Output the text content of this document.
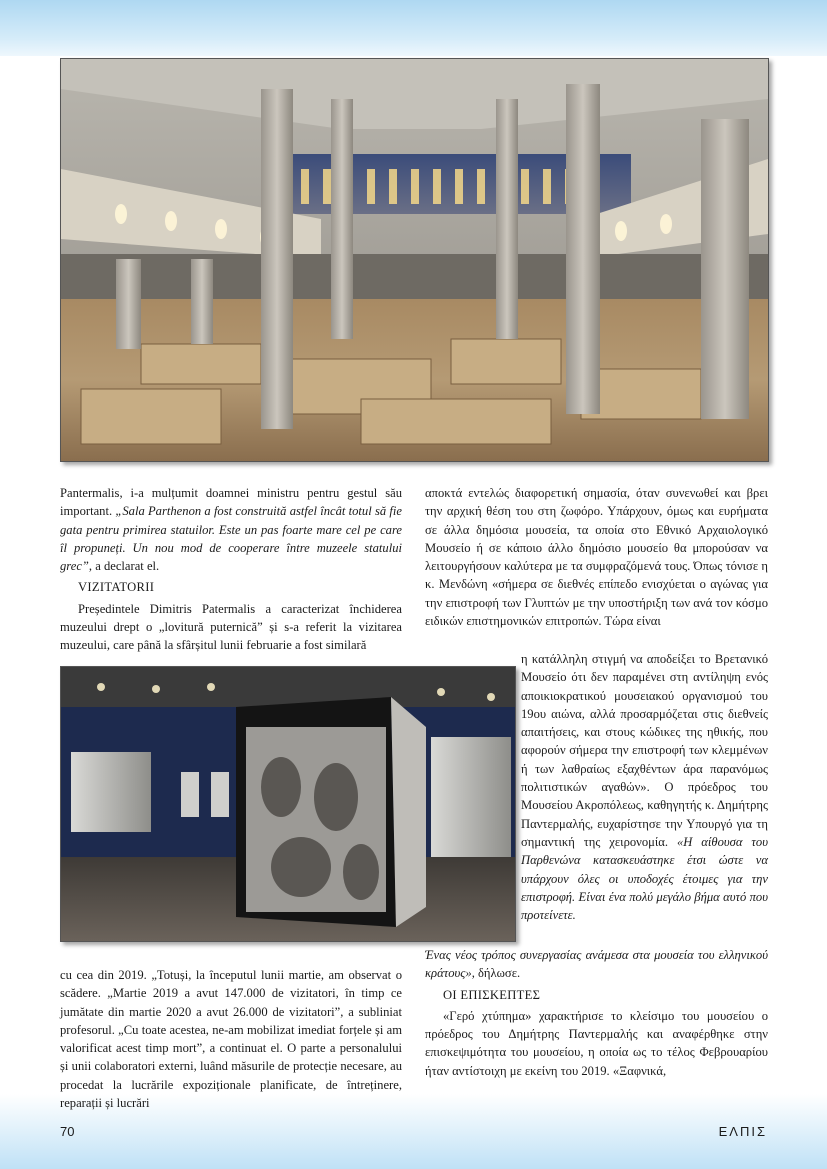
Pantermalis, i-a mulțumit doamnei ministru pentru gestul său important. „Sala Parthenon a fost construită astfel încât totul să fie gata pentru primirea statuilor. Este un pas foarte mare cel pe care îl propuneți. Un nou mod de cooperare între muzeele statului grec”, a declarat el.

VIZITATORII

Președintele Dimitris Patermalis a caracterizat închiderea muzeului drept o „lovitură puternică” și s-a referit la vizitarea muzeului, care până la sfârșitul lunii februarie a fost similară

cu cea din 2019. „Totuși, la începutul lunii martie, am observat o scădere. „Martie 2019 a avut 147.000 de vizitatori, în timp ce jumătate din martie 2020 a avut 26.000 de vizitatori”, a subliniat profesorul. „Cu toate acestea, ne-am mobilizat imediat forțele și am valorificat acest timp mort”, a continuat el. O parte a personalului și unii colaboratori externi, luând măsurile de protecție necesare, au procedat la lucrările expoziționale planificate, de întreținere, reparații și lucrări

αποκτά εντελώς διαφορετική σημασία, όταν συνενωθεί και βρει την αρχική θέση του στη ζωφόρο. Υπάρχουν, όμως και ευρήματα σε άλλα δημόσια μουσεία, τα οποία στο Εθνικό Αρχαιολογικό Μουσείο ή σε κάποιο άλλο δημόσιο μουσείο θα μπορούσαν να λειτουργήσουν καλύτερα με τα συμφραζόμενά τους. Όπως τόνισε η κ. Μενδώνη «σήμερα σε διεθνές επίπεδο ενισχύεται ο αγώνας για την επιστροφή των Γλυπτών με την υποστήριξη των ανά τον κόσμο ειδικών επιστημονικών επιτροπών. Τώρα είναι

η κατάλληλη στιγμή να αποδείξει το Βρετανικό Μουσείο ότι δεν παραμένει στη αντίληψη ενός αποικιοκρατικού μουσειακού οργανισμού του 19ου αιώνα, αλλά προσαρμόζεται στις διεθνείς απαιτήσεις, και στους κώδικες της ηθικής, που αφορούν σήμερα την επιστροφή των κλεμμένων ή των λαθραίως εξαχθέντων άρα παρανόμως πολιτιστικών αγαθών». Ο πρόεδρος του Μουσείου Ακροπόλεως, καθηγητής κ. Δημήτρης Παντερμαλής, ευχαρίστησε την Υπουργό για τη σημαντική της χειρονομία. «Η αίθουσα του Παρθενώνα κατασκευάστηκε έτσι ώστε να υπάρχουν όλες οι υποδοχές έτοιμες για την επιστροφή. Είναι ένα πολύ μεγάλο βήμα αυτό που προτείνετε.

Ένας νέος τρόπος συνεργασίας ανάμεσα στα μουσεία του ελληνικού κράτους», δήλωσε.

ΟΙ ΕΠΙΣΚΕΠΤΕΣ

«Γερό χτύπημα» χαρακτήρισε το κλείσιμο του μουσείου ο πρόεδρος του Δημήτρης Παντερμαλής και αναφέρθηκε στην επισκεψιμότητα του μουσείου, η οποία ως το τέλος Φεβρουαρίου ήταν αντίστοιχη με εκείνη του 2019. «Ξαφνικά,

70	ΕΛΠΙΣ
